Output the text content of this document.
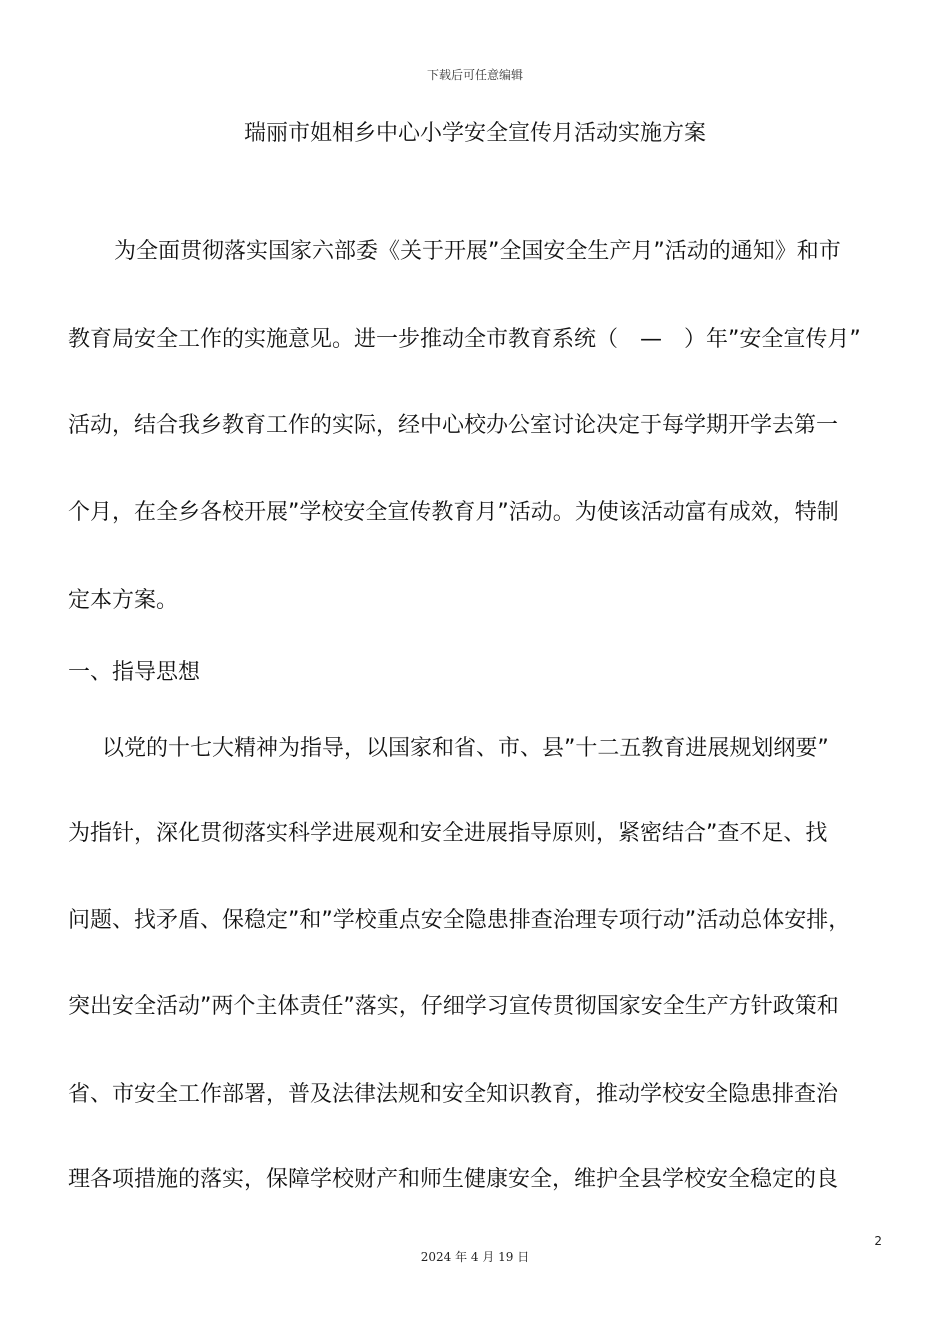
下载后可任意编辑
瑞丽市姐相乡中心小学安全宣传月活动实施方案
为全面贯彻落实国家六部委《关于开展”全国安全生产月”活动的通知》和市
教育局安全工作的实施意见。进一步推动全市教育系统（　—　）年”安全宣传月”
活动，结合我乡教育工作的实际，经中心校办公室讨论决定于每学期开学去第一
个月，在全乡各校开展”学校安全宣传教育月”活动。为使该活动富有成效，特制
定本方案。
一、指导思想
以党的十七大精神为指导，以国家和省、市、县”十二五教育进展规划纲要”
为指针，深化贯彻落实科学进展观和安全进展指导原则，紧密结合”查不足、找
问题、找矛盾、保稳定”和”学校重点安全隐患排查治理专项行动”活动总体安排，
突出安全活动”两个主体责任”落实，仔细学习宣传贯彻国家安全生产方针政策和
省、市安全工作部署，普及法律法规和安全知识教育，推动学校安全隐患排查治
理各项措施的落实，保障学校财产和师生健康安全，维护全县学校安全稳定的良
2
2024 年 4 月 19 日
